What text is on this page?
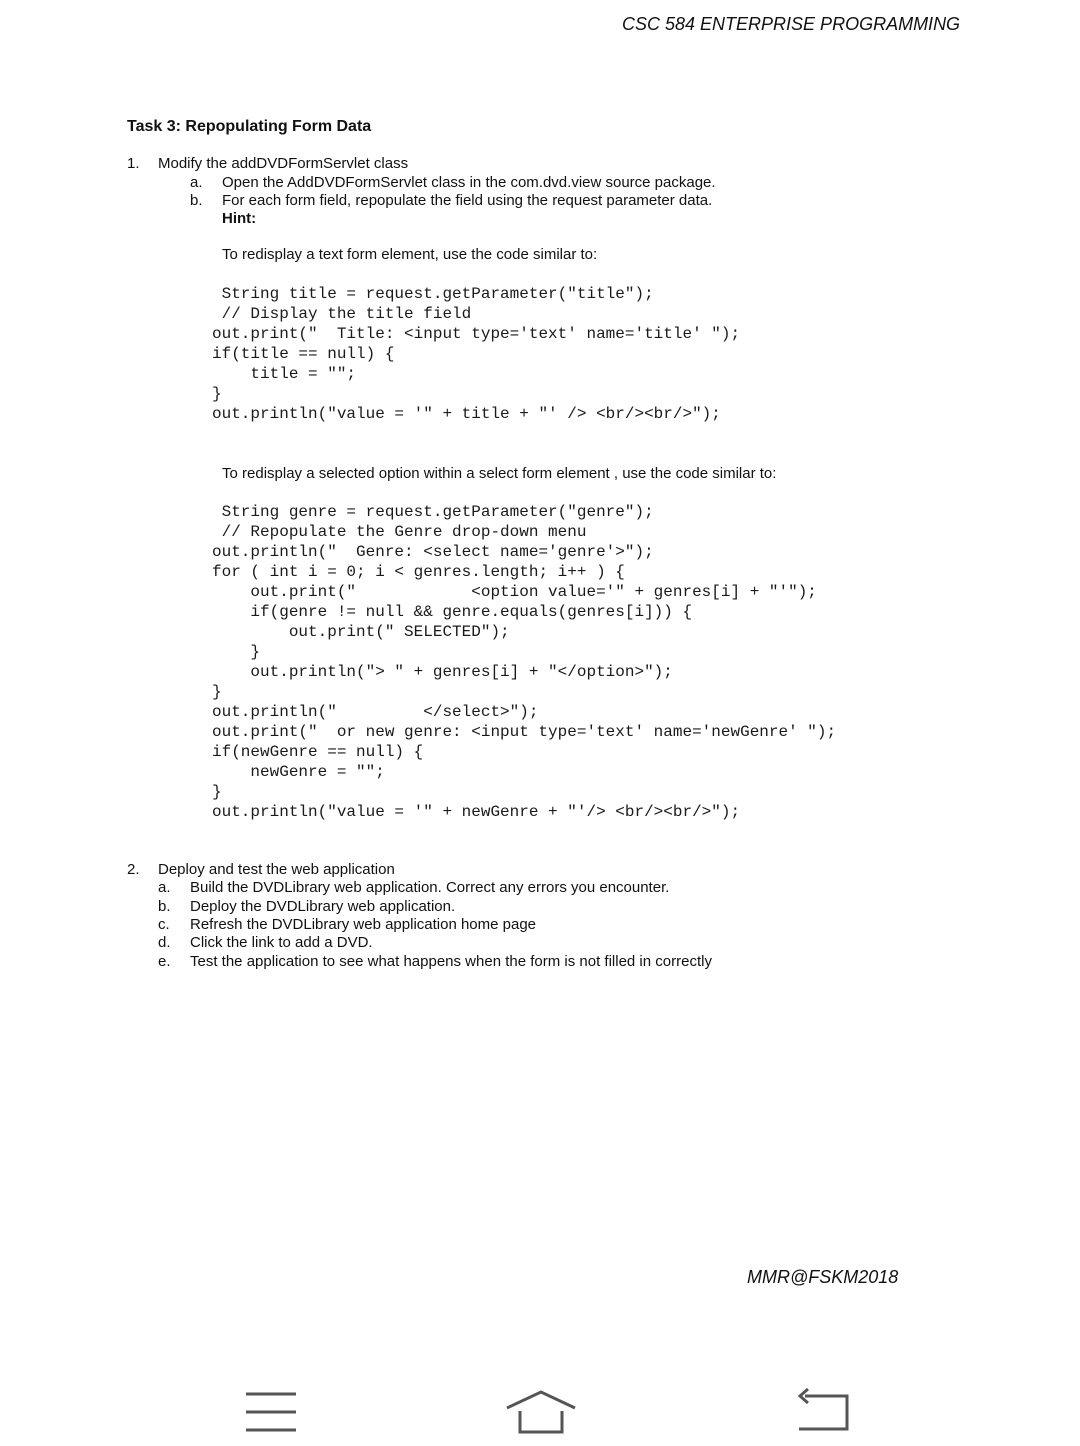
CSC 584 ENTERPRISE PROGRAMMING
Task 3: Repopulating Form Data
1. Modify the addDVDFormServlet class
a. Open the AddDVDFormServlet class in the com.dvd.view source package.
b. For each form field, repopulate the field using the request parameter data.
Hint:
To redisplay a text form element, use the code similar to:
String title = request.getParameter("title");
// Display the title field
out.print("  Title: <input type='text' name='title' ");
if(title == null) {
title = "";
}
out.println("value = '" + title + "' /> <br/><br/>");
To redisplay a selected option within a select form element , use the code similar to:
String genre = request.getParameter("genre");
// Repopulate the Genre drop-down menu
out.println("  Genre: <select name='genre'>");
for ( int i = 0; i < genres.length; i++ ) {
out.print("            <option value='" + genres[i] + "'");
if(genre != null && genre.equals(genres[i])) {
out.print(" SELECTED");
}
out.println("> " + genres[i] + "</option>");
}
out.println("         </select>");
out.print("  or new genre: <input type='text' name='newGenre' ");
if(newGenre == null) {
newGenre = "";
}
out.println("value = '" + newGenre + "'/> <br/><br/>");
2. Deploy and test the web application
a. Build the DVDLibrary web application. Correct any errors you encounter.
b. Deploy the DVDLibrary web application.
c. Refresh the DVDLibrary web application home page
d. Click the link to add a DVD.
e. Test the application to see what happens when the form is not filled in correctly
MMR@FSKM2018
